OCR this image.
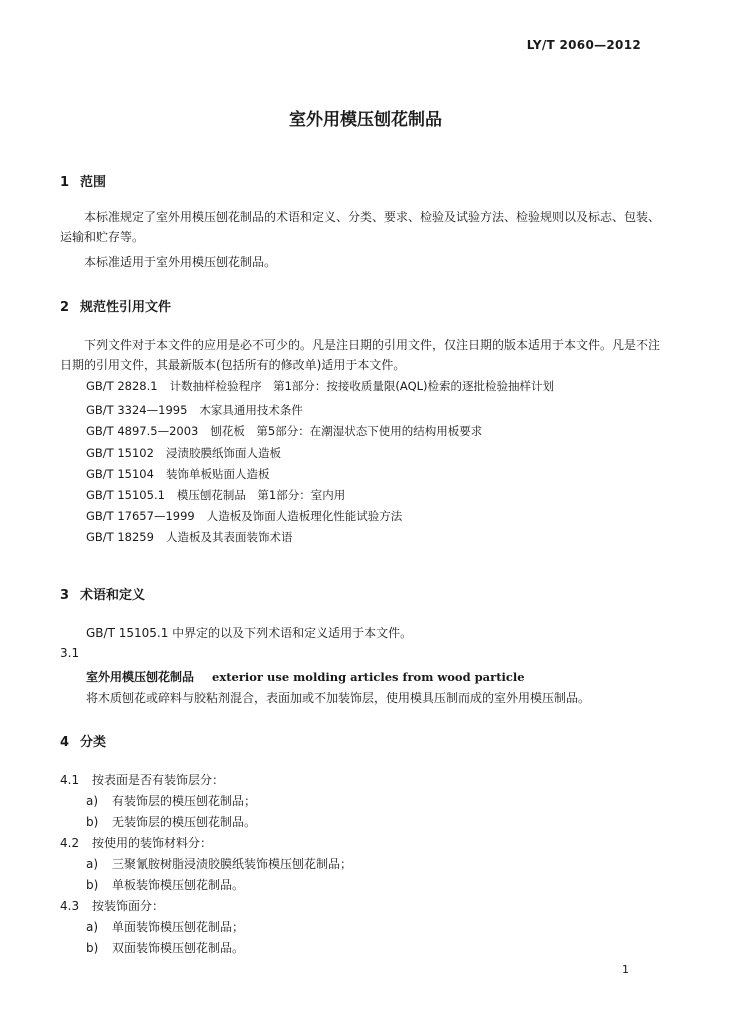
LY/T 2060—2012
室外用模压刨花制品
1 范围
本标准规定了室外用模压刨花制品的术语和定义、分类、要求、检验及试验方法、检验规则以及标志、包装、运输和贮存等。
本标准适用于室外用模压刨花制品。
2 规范性引用文件
下列文件对于本文件的应用是必不可少的。凡是注日期的引用文件，仅注日期的版本适用于本文件。凡是不注日期的引用文件，其最新版本(包括所有的修改单)适用于本文件。
GB/T 2828.1 计数抽样检验程序　第1部分：按接收质量限(AQL)检索的逐批检验抽样计划
GB/T 3324—1995 木家具通用技术条件
GB/T 4897.5—2003 刨花板　第5部分：在潮湿状态下使用的结构用板要求
GB/T 15102 浸渍胶膜纸饰面人造板
GB/T 15104 装饰单板贴面人造板
GB/T 15105.1 模压刨花制品　第1部分：室内用
GB/T 17657—1999 人造板及饰面人造板理化性能试验方法
GB/T 18259 人造板及其表面装饰术语
3 术语和定义
GB/T 15105.1 中界定的以及下列术语和定义适用于本文件。
3.1
室外用模压刨花制品 exterior use molding articles from wood particle
将木质刨花或碎料与胶粘剂混合，表面加或不加装饰层，使用模具压制而成的室外用模压制品。
4 分类
4.1 按表面是否有装饰层分：
a) 有装饰层的模压刨花制品；
b) 无装饰层的模压刨花制品。
4.2 按使用的装饰材料分：
a) 三聚氰胺树脂浸渍胶膜纸装饰模压刨花制品；
b) 单板装饰模压刨花制品。
4.3 按装饰面分：
a) 单面装饰模压刨花制品；
b) 双面装饰模压刨花制品。
1
